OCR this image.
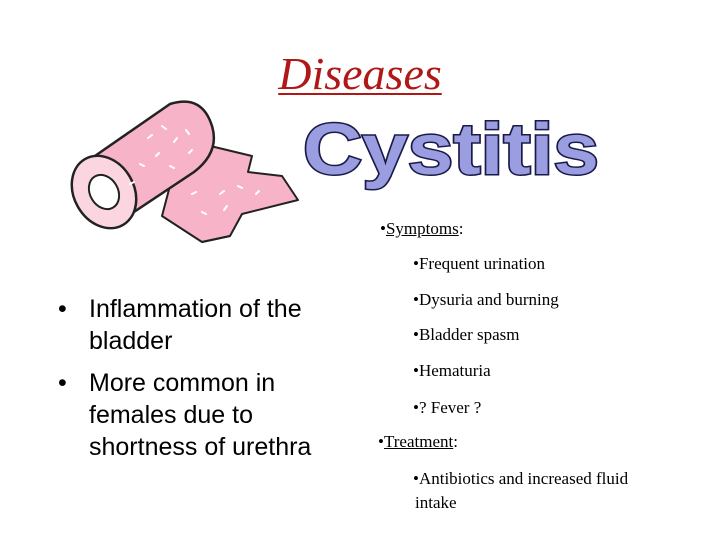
Diseases
Cystitis
•Symptoms:
•Frequent urination
•Dysuria and burning
•Bladder spasm
•Hematuria
•? Fever ?
•Treatment:
•Antibiotics and increased fluid
intake
• Inflammation of the
bladder
• More common in
females due to
shortness of urethra
